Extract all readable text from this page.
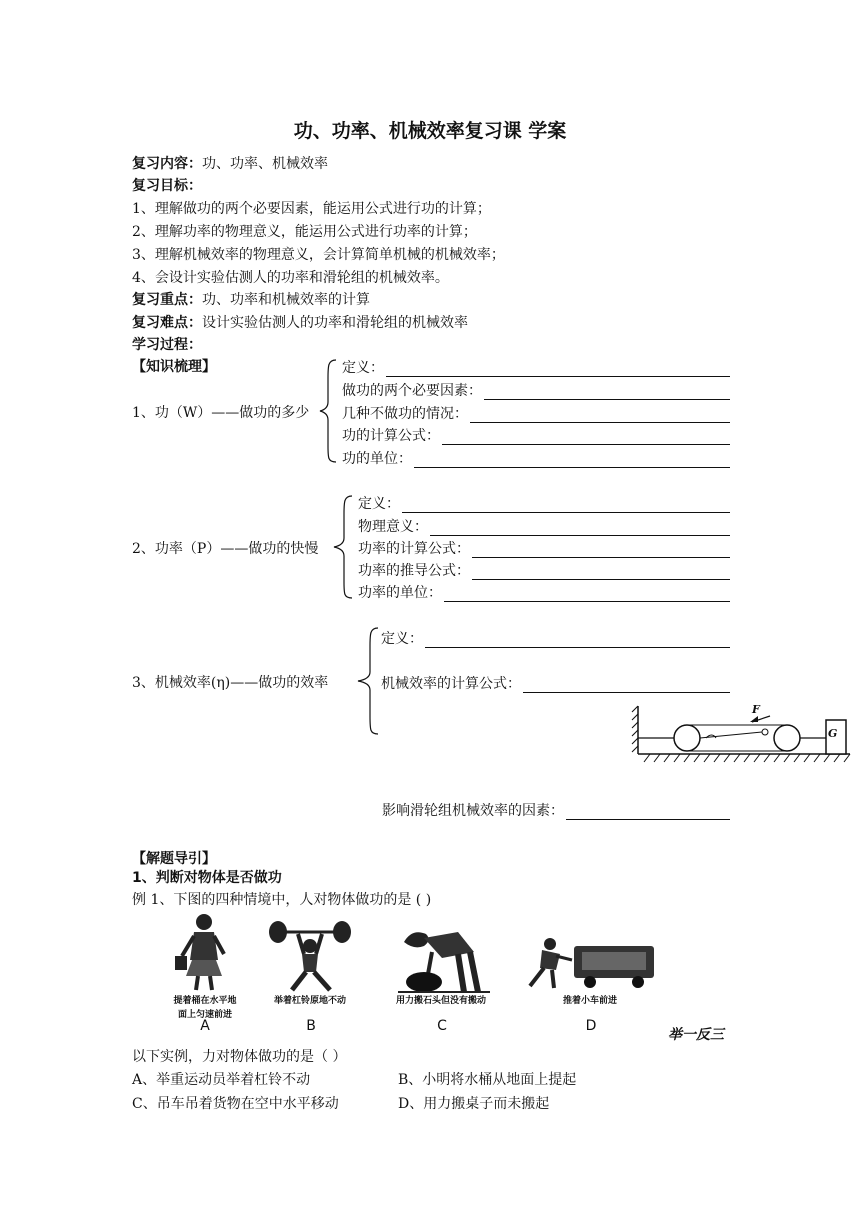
功、功率、机械效率复习课 学案
复习内容：功、功率、机械效率
复习目标：
1、理解做功的两个必要因素，能运用公式进行功的计算；
2、理解功率的物理意义，能运用公式进行功率的计算；
3、理解机械效率的物理意义，会计算简单机械的机械效率；
4、会设计实验估测人的功率和滑轮组的机械效率。
复习重点：功、功率和机械效率的计算
复习难点：设计实验估测人的功率和滑轮组的机械效率
学习过程：
【知识梳理】
1、功（W）——做功的多少
定义：
做功的两个必要因素：
几种不做功的情况：
功的计算公式：
功的单位：
2、功率（P）——做功的快慢
定义：
物理意义：
功率的计算公式：
功率的推导公式：
功率的单位：
3、机械效率(η)——做功的效率
定义：
机械效率的计算公式：
F
G
影响滑轮组机械效率的因素：
【解题导引】
1、判断对物体是否做功
例 1、下图的四种情境中，人对物体做功的是 ( )
提着桶在水平地
面上匀速前进
举着杠铃原地不动	用力搬石头但没有搬动	推着小车前进
A	B	C	D
举一反三
以下实例，力对物体做功的是（ ）
A、举重运动员举着杠铃不动	B、小明将水桶从地面上提起
C、吊车吊着货物在空中水平移动	D、用力搬桌子而未搬起
